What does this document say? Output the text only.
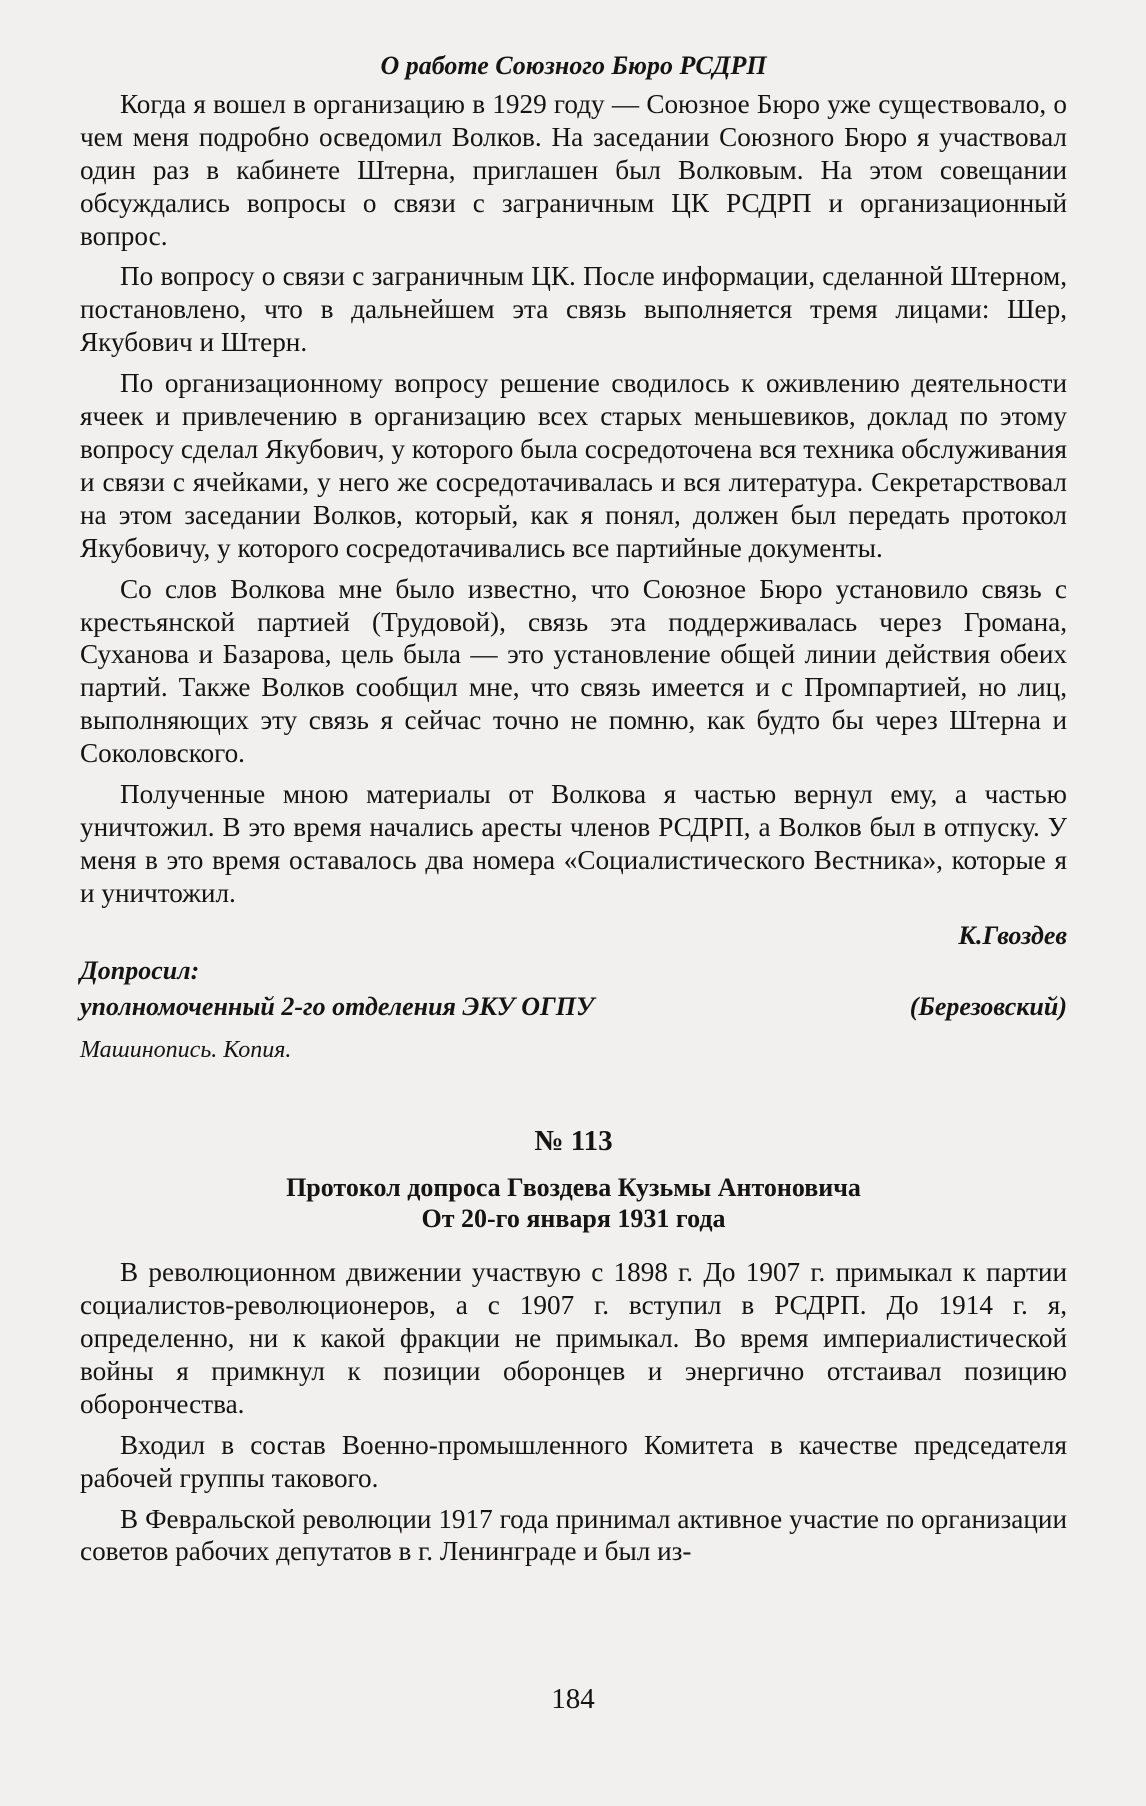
О работе Союзного Бюро РСДРП

Когда я вошел в организацию в 1929 году — Союзное Бюро уже существовало, о чем меня подробно осведомил Волков. На заседании Союзного Бюро я участвовал один раз в кабинете Штерна, приглашен был Волковым. На этом совещании обсуждались вопросы о связи с заграничным ЦК РСДРП и организационный вопрос.

По вопросу о связи с заграничным ЦК. После информации, сделанной Штерном, постановлено, что в дальнейшем эта связь выполняется тремя лицами: Шер, Якубович и Штерн.

По организационному вопросу решение сводилось к оживлению деятельности ячеек и привлечению в организацию всех старых меньшевиков, доклад по этому вопросу сделал Якубович, у которого была сосредоточена вся техника обслуживания и связи с ячейками, у него же сосредотачивалась и вся литература. Секретарствовал на этом заседании Волков, который, как я понял, должен был передать протокол Якубовичу, у которого сосредотачивались все партийные документы.

Со слов Волкова мне было известно, что Союзное Бюро установило связь с крестьянской партией (Трудовой), связь эта поддерживалась через Громана, Суханова и Базарова, цель была — это установление общей линии действия обеих партий. Также Волков сообщил мне, что связь имеется и с Промпартией, но лиц, выполняющих эту связь я сейчас точно не помню, как будто бы через Штерна и Соколовского.

Полученные мною материалы от Волкова я частью вернул ему, а частью уничтожил. В это время начались аресты членов РСДРП, а Волков был в отпуску. У меня в это время оставалось два номера «Социалистического Вестника», которые я и уничтожил.

К.Гвоздев
Допросил:
уполномоченный 2-го отделения ЭКУ ОГПУ	(Березовский)
Машинопись. Копия.
№ 113
Протокол допроса Гвоздева Кузьмы Антоновича
От 20-го января 1931 года

В революционном движении участвую с 1898 г. До 1907 г. примыкал к партии социалистов-революционеров, а с 1907 г. вступил в РСДРП. До 1914 г. я, определенно, ни к какой фракции не примыкал. Во время империалистической войны я примкнул к позиции оборонцев и энергично отстаивал позицию оборончества.

Входил в состав Военно-промышленного Комитета в качестве председателя рабочей группы такового.

В Февральской революции 1917 года принимал активное участие по организации советов рабочих депутатов в г. Ленинграде и был из-

184
